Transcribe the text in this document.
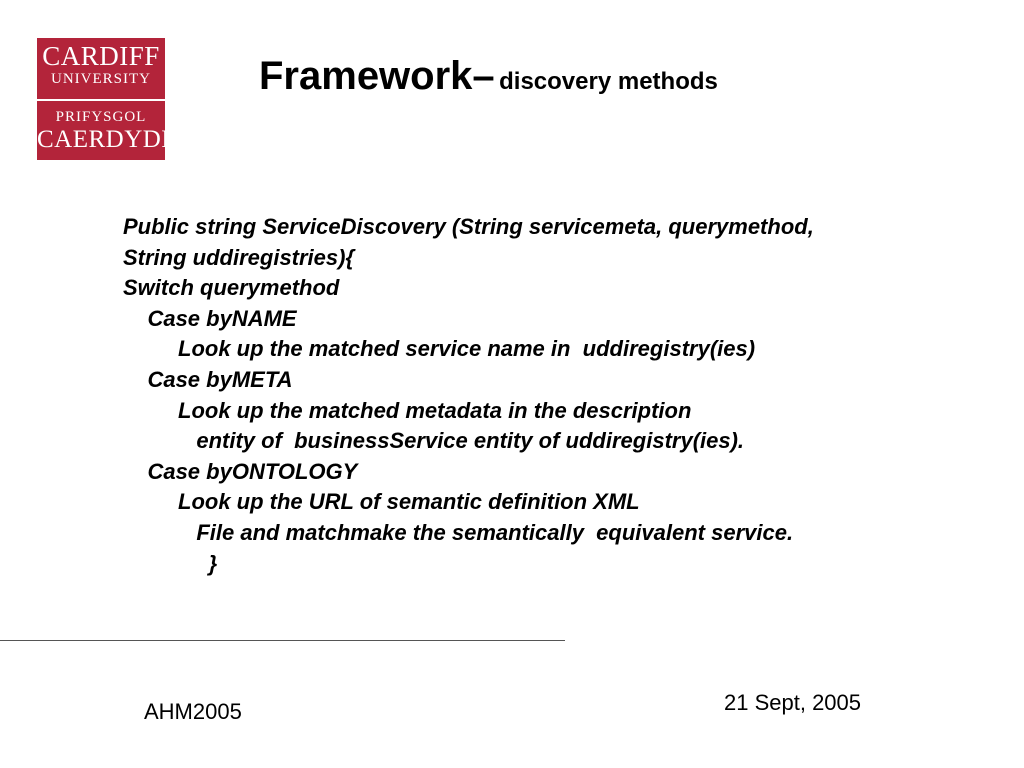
CARDIFF
UNIVERSITY
PRIFYSGOL
CAERDYDD
Framework– discovery methods
Public string ServiceDiscovery (String servicemeta, querymethod,
String uddiregistries){
Switch querymethod
Case byNAME
Look up the matched service name in  uddiregistry(ies)
Case byMETA
Look up the matched metadata in the description
entity of  businessService entity of uddiregistry(ies).
Case byONTOLOGY
Look up the URL of semantic definition XML
File and matchmake the semantically  equivalent service.
}
AHM2005	21 Sept, 2005
